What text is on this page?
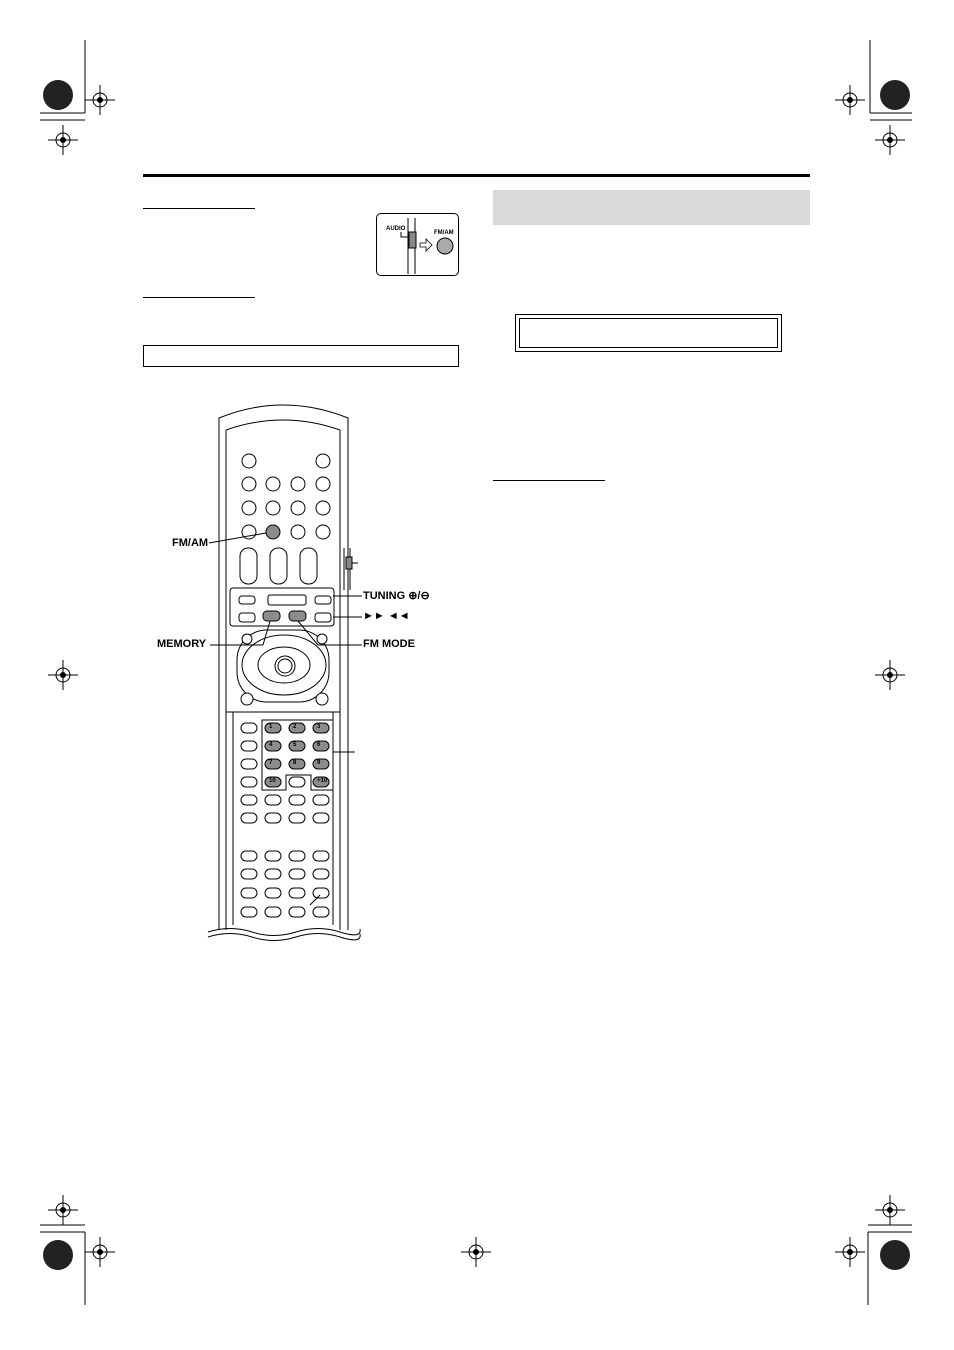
AUDIO
FM/AM
1	2	3
4	5	6
7	8	9
10	+10
FM/AM
TUNING ⊕/⊖
►► ◄◄
MEMORY	FM MODE
